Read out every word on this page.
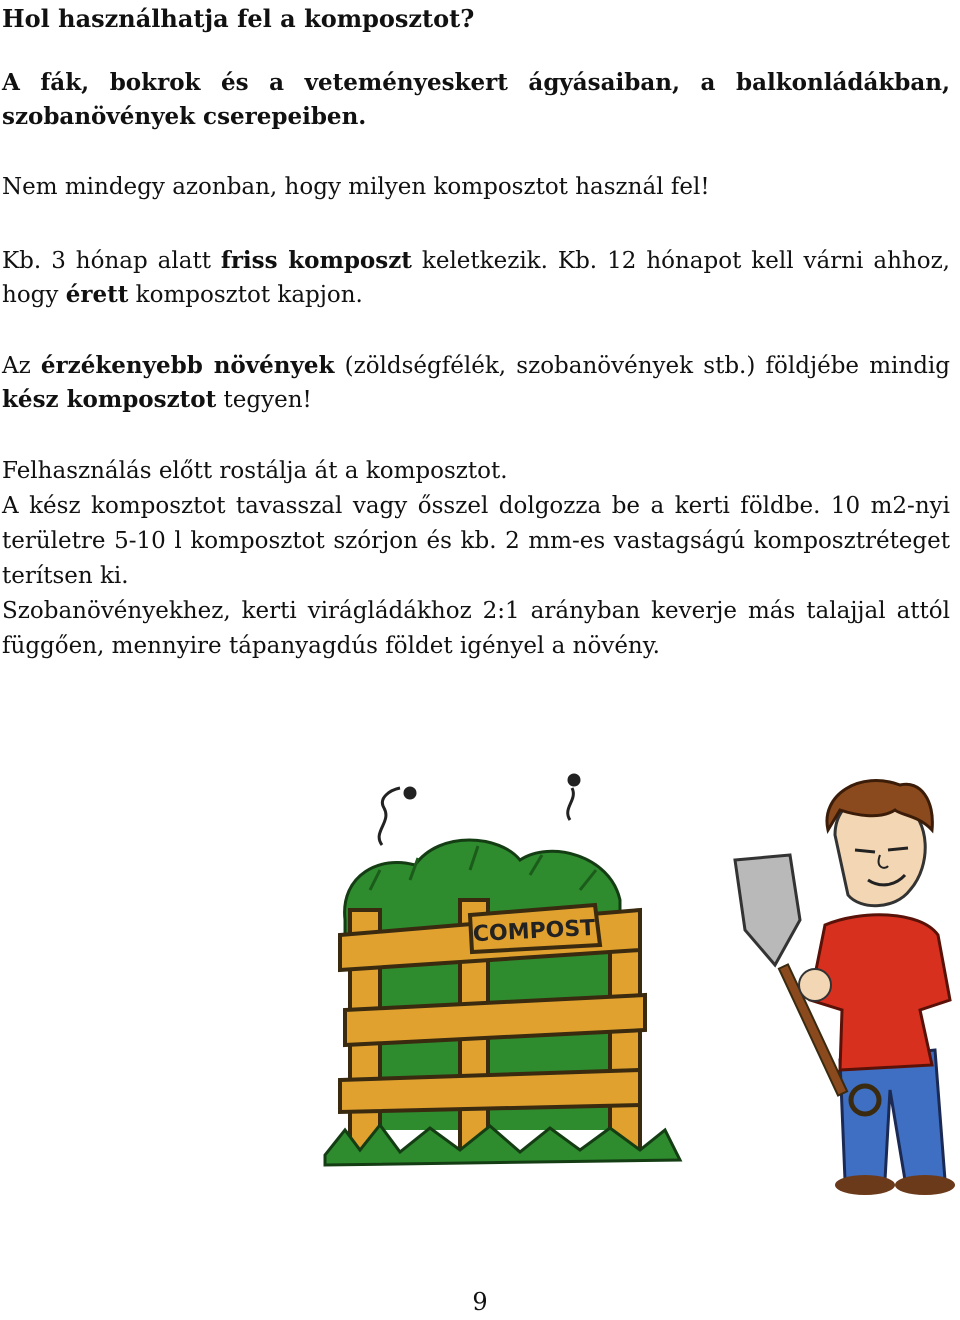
Hol használhatja fel a komposztot?

A fák, bokrok és a veteményeskert ágyásaiban, a balkonládákban, szobanövények cserepeiben.

Nem mindegy azonban, hogy milyen komposztot használ fel!

Kb. 3 hónap alatt friss komposzt keletkezik. Kb. 12 hónapot kell várni ahhoz, hogy érett komposztot kapjon.

Az érzékenyebb növények (zöldségfélék, szobanövények stb.) földjébe mindig kész komposztot tegyen!

Felhasználás előtt rostálja át a komposztot.
A kész komposztot tavasszal vagy ősszel dolgozza be a kerti földbe. 10 m2-nyi területre 5-10 l komposztot szórjon és kb. 2 mm-es vastagságú komposztréteget terítsen ki.
Szobanövényekhez, kerti virágládákhoz 2:1 arányban keverje más talajjal attól függően, mennyire tápanyagdús földet igényel a növény.
COMPOST
9
